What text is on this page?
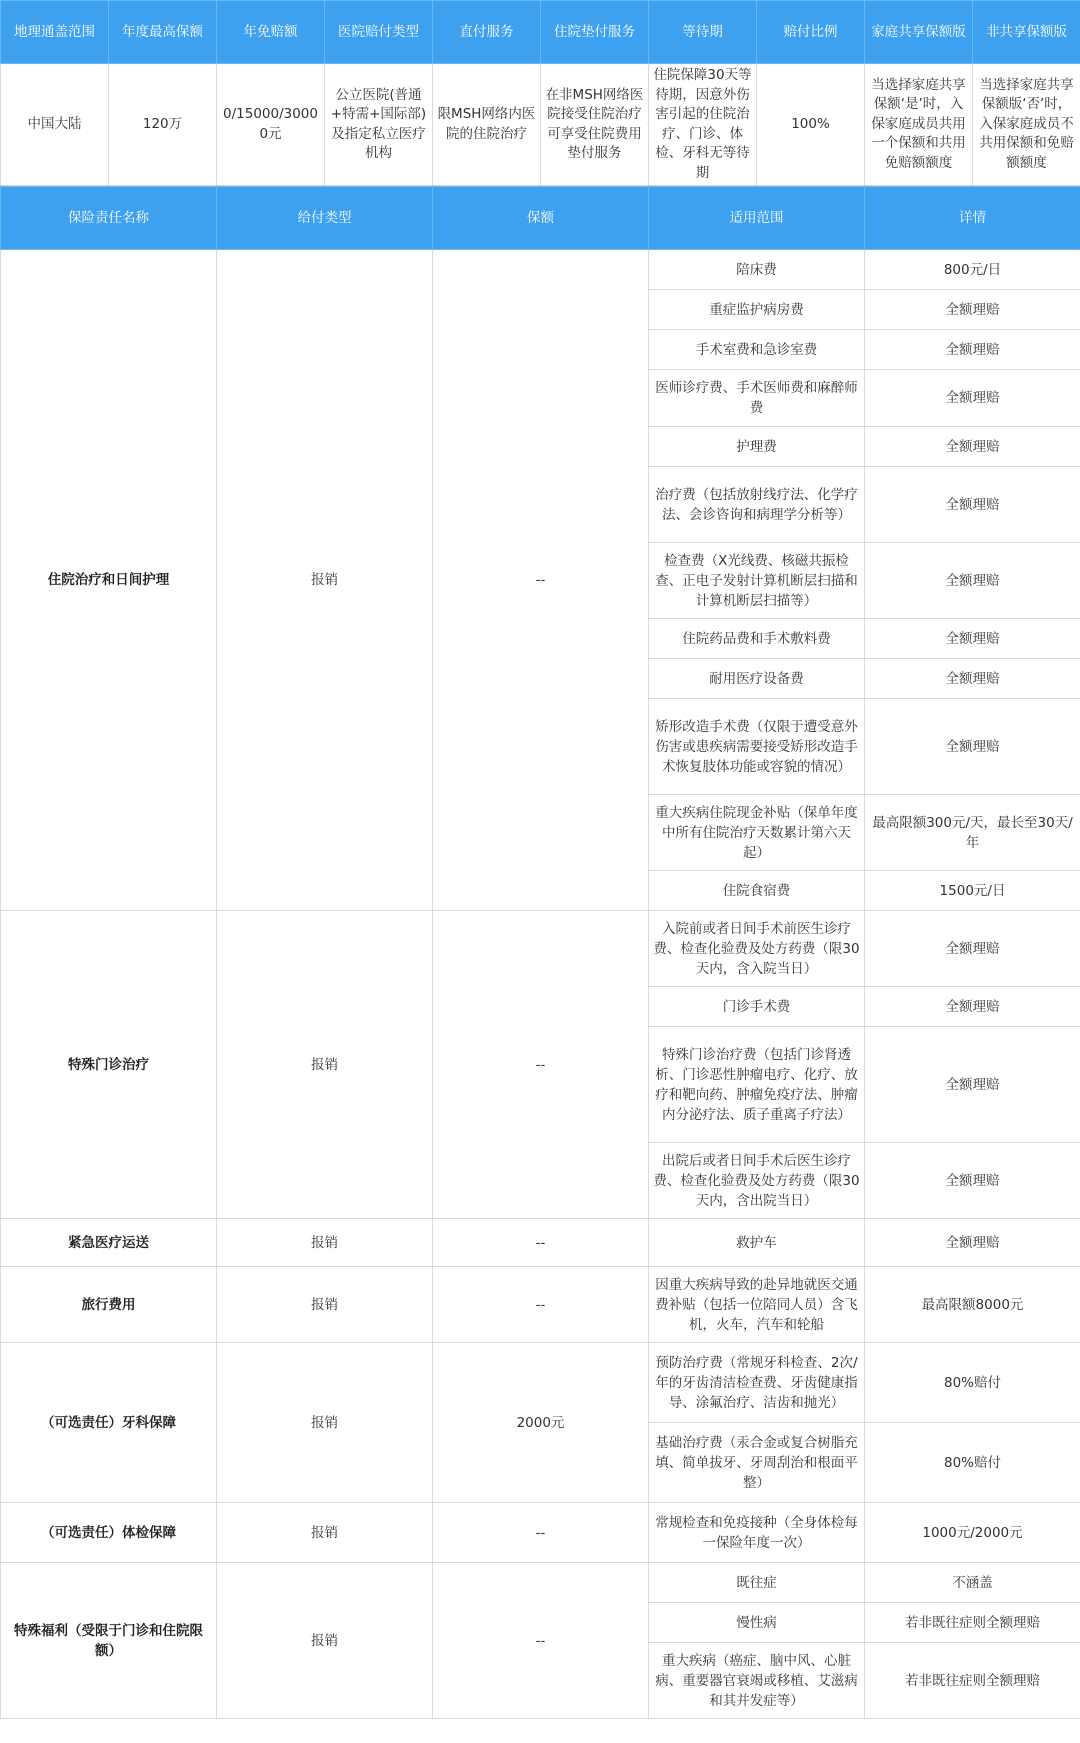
地理通盖范围	年度最高保额	年免赔额	医院赔付类型	直付服务	住院垫付服务	等待期	赔付比例	家庭共享保额版	非共享保额版
中国大陆	120万	0/15000/30000元	公立医院(普通+特需+国际部)及指定私立医疗机构	限MSH网络内医院的住院治疗	在非MSH网络医院接受住院治疗可享受住院费用垫付服务	住院保障30天等待期，因意外伤害引起的住院治疗、门诊、体检、牙科无等待期	100%	当选择家庭共享保额‘是’时，入保家庭成员共用一个保额和共用免赔额额度	当选择家庭共享保额版‘否’时，入保家庭成员不共用保额和免赔额额度
保险责任名称	给付类型	保额	适用范围	详情
住院治疗和日间护理	报销	--	陪床费	800元/日
			重症监护病房费	全额理赔
			手术室费和急诊室费	全额理赔
			医师诊疗费、手术医师费和麻醉师费	全额理赔
			护理费	全额理赔
			治疗费（包括放射线疗法、化学疗法、会诊咨询和病理学分析等）	全额理赔
			检查费（X光线费、核磁共振检查、正电子发射计算机断层扫描和计算机断层扫描等）	全额理赔
			住院药品费和手术敷料费	全额理赔
			耐用医疗设备费	全额理赔
			矫形改造手术费（仅限于遭受意外伤害或患疾病需要接受矫形改造手术恢复肢体功能或容貌的情况）	全额理赔
			重大疾病住院现金补贴（保单年度中所有住院治疗天数累计第六天起）	最高限额300元/天，最长至30天/年
			住院食宿费	1500元/日
特殊门诊治疗	报销	--	入院前或者日间手术前医生诊疗费、检查化验费及处方药费（限30天内，含入院当日）	全额理赔
			门诊手术费	全额理赔
			特殊门诊治疗费（包括门诊肾透析、门诊恶性肿瘤电疗、化疗、放疗和靶向药、肿瘤免疫疗法、肿瘤内分泌疗法、质子重离子疗法）	全额理赔
			出院后或者日间手术后医生诊疗费、检查化验费及处方药费（限30天内，含出院当日）	全额理赔
紧急医疗运送	报销	--	救护车	全额理赔
旅行费用	报销	--	因重大疾病导致的赴异地就医交通费补贴（包括一位陪同人员）含飞机，火车，汽车和轮船	最高限额8000元
（可选责任）牙科保障	报销	2000元	预防治疗费（常规牙科检查、2次/年的牙齿清洁检查费、牙齿健康指导、涂氟治疗、洁齿和抛光）	80%赔付
			基础治疗费（汞合金或复合树脂充填、简单拔牙、牙周刮治和根面平整）	80%赔付
（可选责任）体检保障	报销	--	常规检查和免疫接种（全身体检每一保险年度一次）	1000元/2000元
特殊福利（受限于门诊和住院限额）	报销	--	既往症	不涵盖
			慢性病	若非既往症则全额理赔
			重大疾病（癌症、脑中风、心脏病、重要器官衰竭或移植、艾滋病和其并发症等）	若非既往症则全额理赔
